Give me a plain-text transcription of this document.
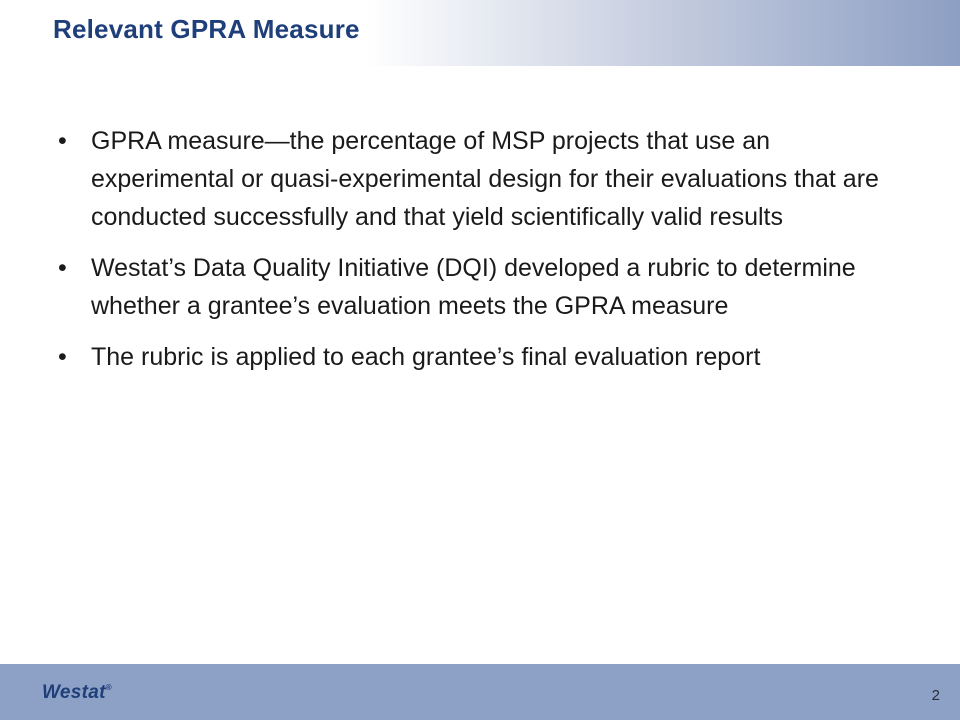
Relevant GPRA Measure
• GPRA measure—the percentage of MSP projects that use an experimental or quasi-experimental design for their evaluations that are conducted successfully and that yield scientifically valid results
• Westat’s Data Quality Initiative (DQI) developed a rubric to determine whether a grantee’s evaluation meets the GPRA measure
• The rubric is applied to each grantee’s final evaluation report
Westat®	2
